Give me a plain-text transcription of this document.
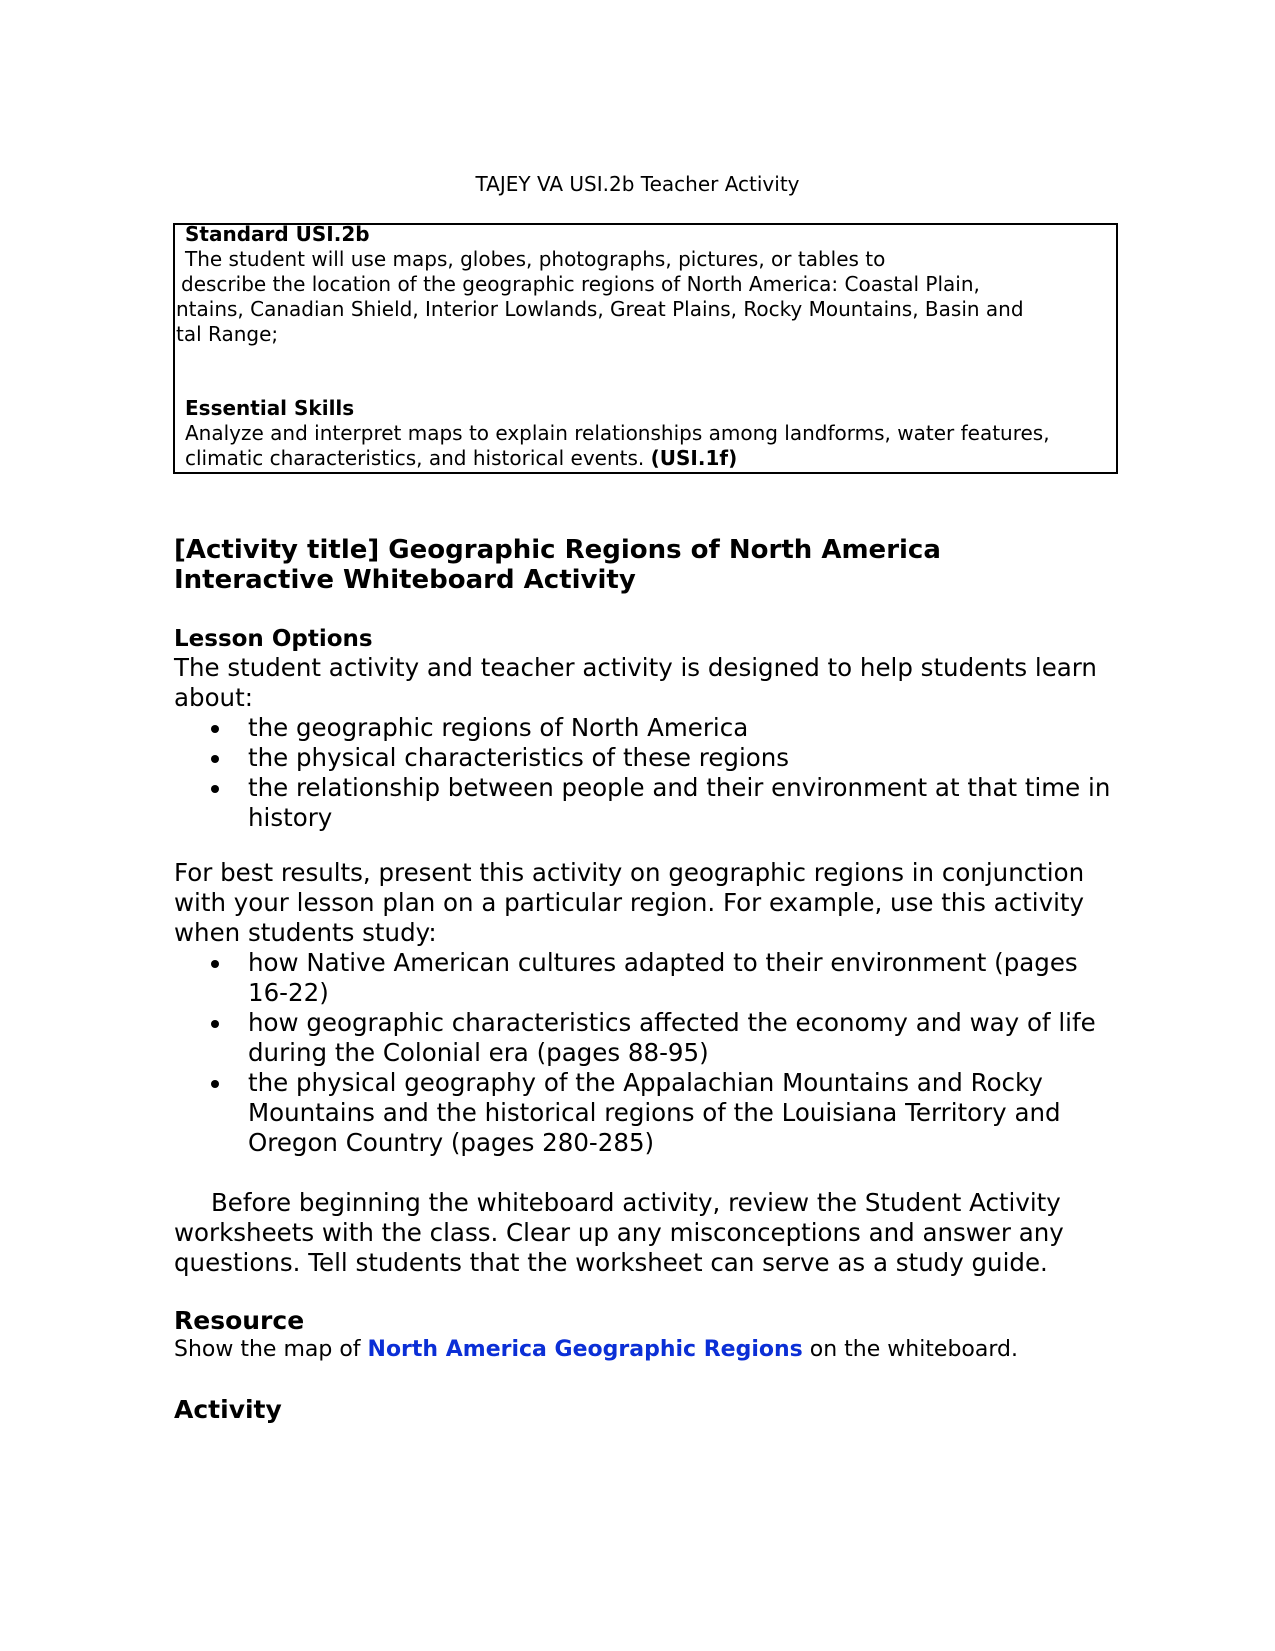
TAJEY VA USI.2b Teacher Activity
Standard USI.2b
The student will use maps, globes, photographs, pictures, or tables to
describe the location of the geographic regions of North America: Coastal Plain,
ntains, Canadian Shield, Interior Lowlands, Great Plains, Rocky Mountains, Basin and
tal Range;
Essential Skills
Analyze and interpret maps to explain relationships among landforms, water features,
climatic characteristics, and historical events. (USI.1f)
[Activity title] Geographic Regions of North America
Interactive Whiteboard Activity
Lesson Options
The student activity and teacher activity is designed to help students learn about:
the geographic regions of North America
the physical characteristics of these regions
the relationship between people and their environment at that time in history
For best results, present this activity on geographic regions in conjunction with your lesson plan on a particular region. For example, use this activity when students study:
how Native American cultures adapted to their environment (pages 16-22)
how geographic characteristics affected the economy and way of life during the Colonial era (pages 88-95)
the physical geography of the Appalachian Mountains and Rocky Mountains and the historical regions of the Louisiana Territory and Oregon Country (pages 280-285)
Before beginning the whiteboard activity, review the Student Activity worksheets with the class. Clear up any misconceptions and answer any questions. Tell students that the worksheet can serve as a study guide.
Resource
Show the map of North America Geographic Regions on the whiteboard.
Activity
